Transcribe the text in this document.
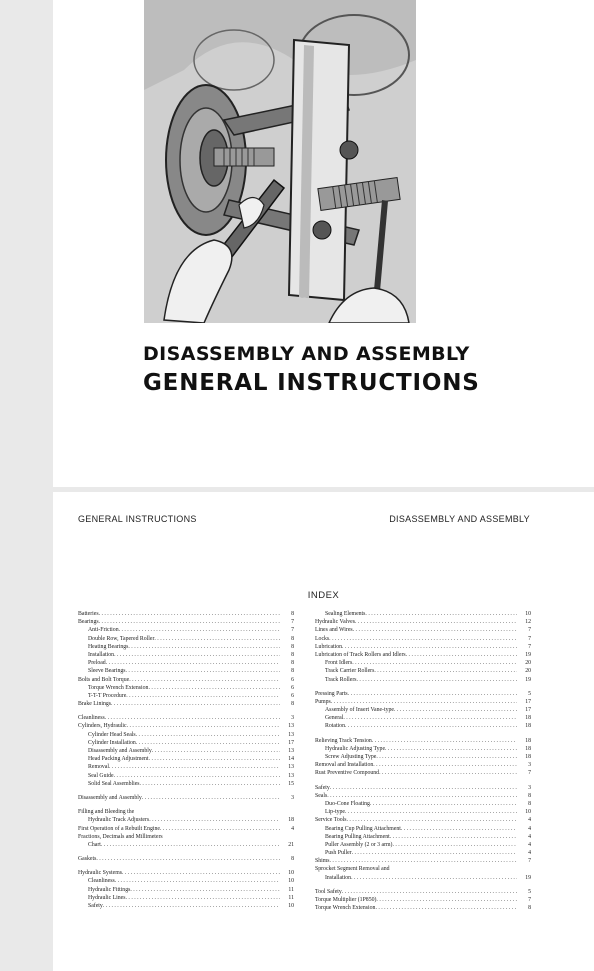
DISASSEMBLY AND ASSEMBLY
GENERAL INSTRUCTIONS
GENERAL INSTRUCTIONS	DISASSEMBLY AND ASSEMBLY
INDEX
Batteries . . .	8
Bearings . . .	7
Anti-Friction . . .	7
Double Row, Tapered Roller . . .	8
Heating Bearings . . .	8
Installation . . .	8
Preload . . .	8
Sleeve Bearings . . .	8
Bolts and Bolt Torque . . .	6
Torque Wrench Extension . . .	6
T-T-T Procedure . . .	6
Brake Linings . . .	8
Cleanliness . . .	3
Cylinders, Hydraulic . . .	13
Cylinder Head Seals . . .	13
Cylinder Installation . . .	17
Disassembly and Assembly . . .	13
Head Packing Adjustment . . .	14
Removal . . .	13
Seal Guide . . .	13
Solid Seal Assemblies . . .	15
Disassembly and Assembly . . .	3
Filling and Bleeding the
Hydraulic Track Adjusters . . .	18
First Operation of a Rebuilt Engine . . .	4
Fractions, Decimals and Millimeters
Chart . . .	21
Gaskets . . .	8
Hydraulic Systems . . .	10
Cleanliness . . .	10
Hydraulic Fittings . . .	11
Hydraulic Lines . . .	11
Safety . . .	10
Sealing Elements . . .	10
Hydraulic Valves . . .	12
Lines and Wires . . .	7
Locks . . .	7
Lubrication . . .	7
Lubrication of Track Rollers and Idlers . . .	19
Front Idlers . . .	20
Track Carrier Rollers . . .	20
Track Rollers . . .	19
Pressing Parts . . .	5
Pumps . . .	17
Assembly of Insert Vane-type . . .	17
General . . .	18
Rotation . . .	18
Relieving Track Tension . . .	18
Hydraulic Adjusting Type . . .	18
Screw Adjusting Type . . .	18
Removal and Installation . . .	3
Rust Preventive Compound . . .	7
Safety . . .	3
Seals . . .	8
Duo-Cone Floating . . .	8
Lip-type . . .	10
Service Tools . . .	4
Bearing Cup Pulling Attachment . . .	4
Bearing Pulling Attachment . . .	4
Puller Assembly (2 or 3 arm) . . .	4
Push Puller . . .	4
Shims . . .	7
Sprocket Segment Removal and
Installation . . .	19
Tool Safety . . .	5
Torque Multiplier (1P850) . . .	7
Torque Wrench Extension . . .	8
